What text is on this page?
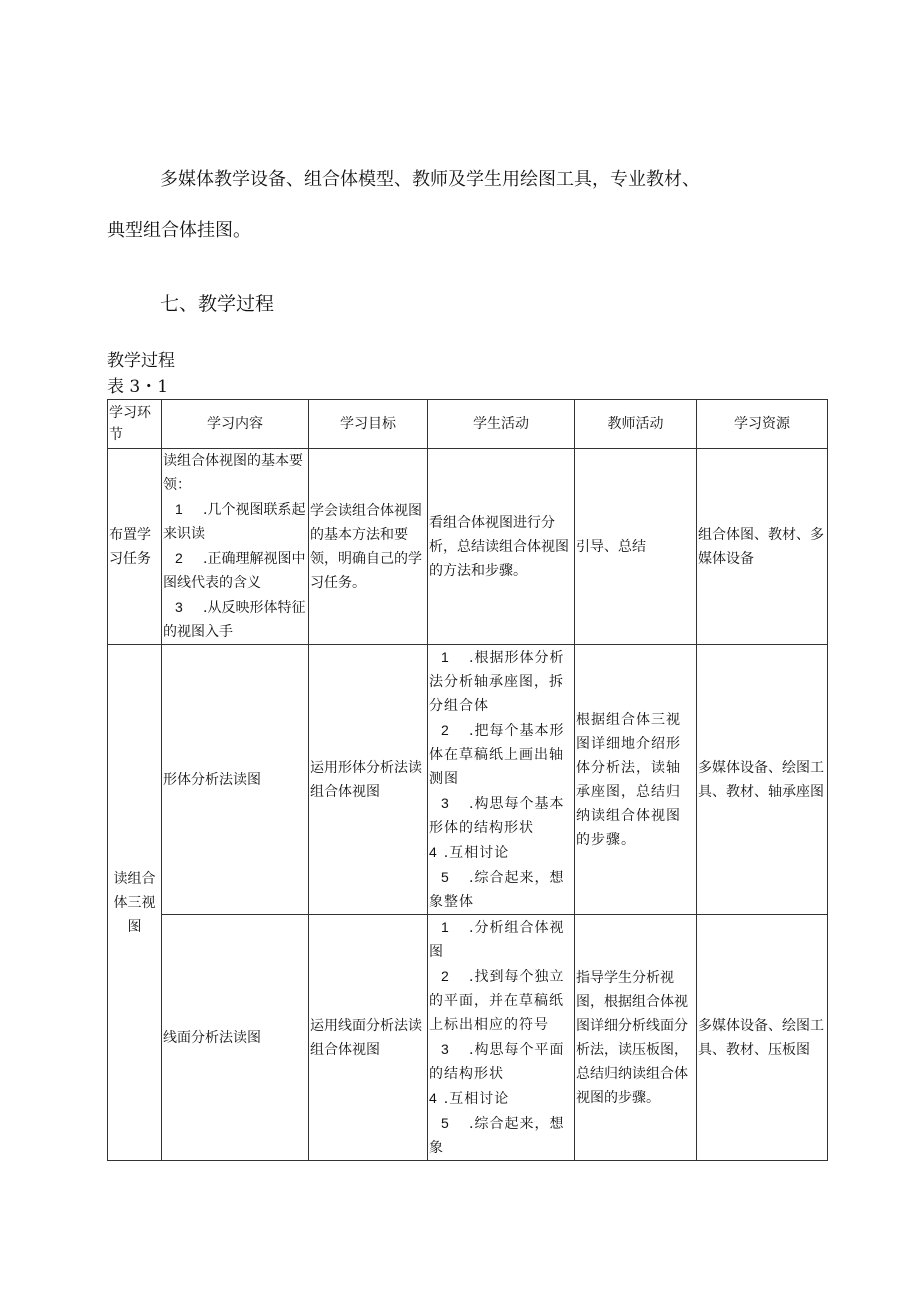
多媒体教学设备、组合体模型、教师及学生用绘图工具，专业教材、
典型组合体挂图。
七、教学过程
教学过程
表 3・1
学习环节	学习内容	学习目标	学生活动	教师活动	学习资源
布置学习任务	读组合体视图的基本要领：
1 .几个视图联系起来识读
2 .正确理解视图中图线代表的含义
3 .从反映形体特征的视图入手	学会读组合体视图的基本方法和要领，明确自己的学习任务。	看组合体视图进行分析，总结读组合体视图的方法和步骤。	引导、总结	组合体图、教材、多媒体设备
读组合体三视图	形体分析法读图	运用形体分析法读组合体视图	1 .根据形体分析法分析轴承座图，拆分组合体
2 .把每个基本形体在草稿纸上画出轴测图
3 .构思每个基本形体的结构形状
4 .互相讨论
5 .综合起来，想象整体	根据组合体三视图详细地介绍形体分析法，读轴承座图，总结归纳读组合体视图的步骤。	多媒体设备、绘图工具、教材、轴承座图
	线面分析法读图	运用线面分析法读组合体视图	1 .分析组合体视图
2 .找到每个独立的平面，并在草稿纸上标出相应的符号
3 .构思每个平面的结构形状
4 .互相讨论
5 .综合起来，想象	指导学生分析视图，根据组合体视图详细分析线面分析法，读压板图，总结归纳读组合体视图的步骤。	多媒体设备、绘图工具、教材、压板图
